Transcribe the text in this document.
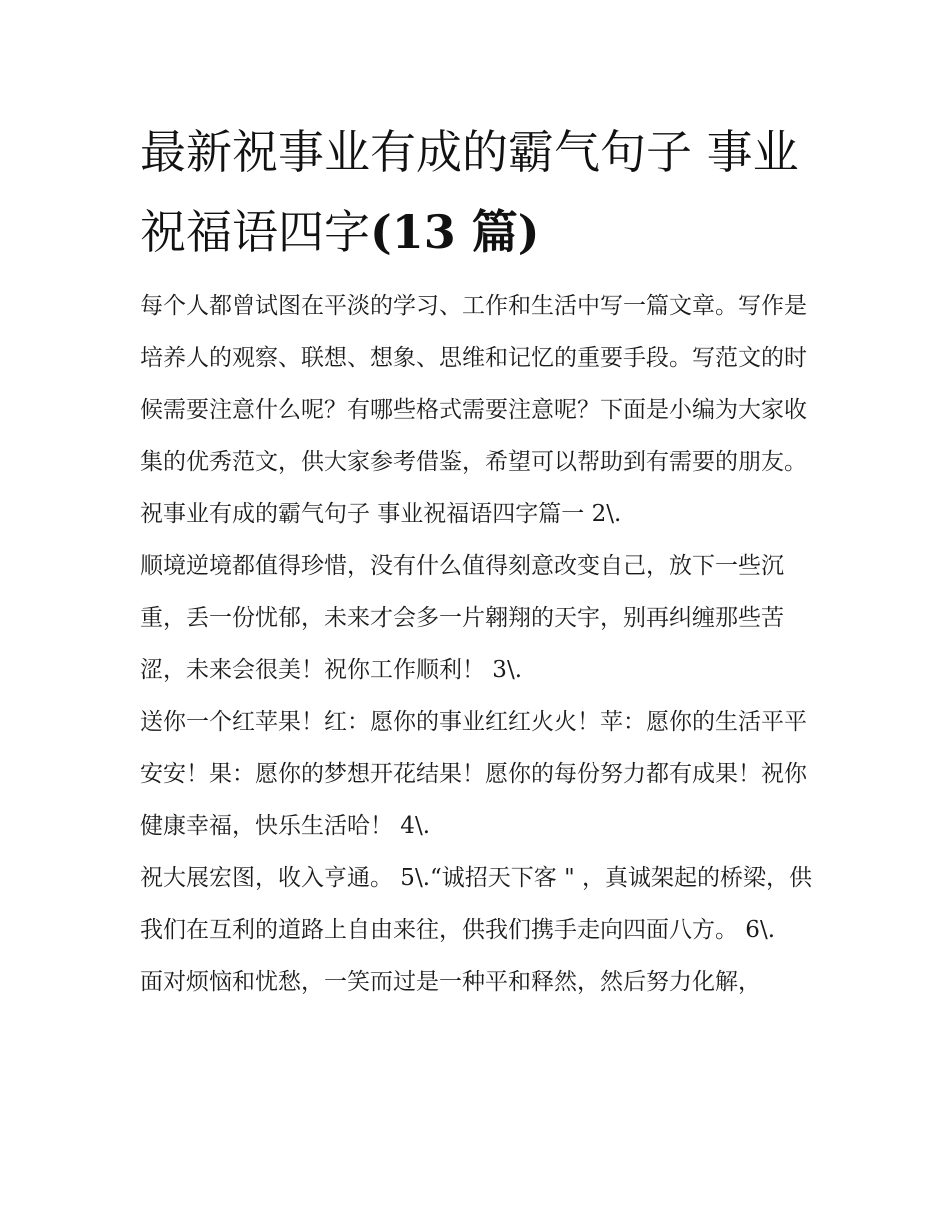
最新祝事业有成的霸气句子 事业祝福语四字(13 篇)

每个人都曾试图在平淡的学习、工作和生活中写一篇文章。写作是培养人的观察、联想、想象、思维和记忆的重要手段。写范文的时候需要注意什么呢？有哪些格式需要注意呢？下面是小编为大家收集的优秀范文，供大家参考借鉴，希望可以帮助到有需要的朋友。

祝事业有成的霸气句子 事业祝福语四字篇一 2\.

顺境逆境都值得珍惜，没有什么值得刻意改变自己，放下一些沉重，丢一份忧郁，未来才会多一片翱翔的天宇，别再纠缠那些苦涩，未来会很美！祝你工作顺利！ 3\.

送你一个红苹果！红：愿你的事业红红火火！苹：愿你的生活平平安安！果：愿你的梦想开花结果！愿你的每份努力都有成果！祝你健康幸福，快乐生活哈！ 4\.

祝大展宏图，收入亨通。 5\.“诚招天下客 " ，真诚架起的桥梁，供我们在互利的道路上自由来往，供我们携手走向四面八方。 6\.

面对烦恼和忧愁，一笑而过是一种平和释然，然后努力化解，
